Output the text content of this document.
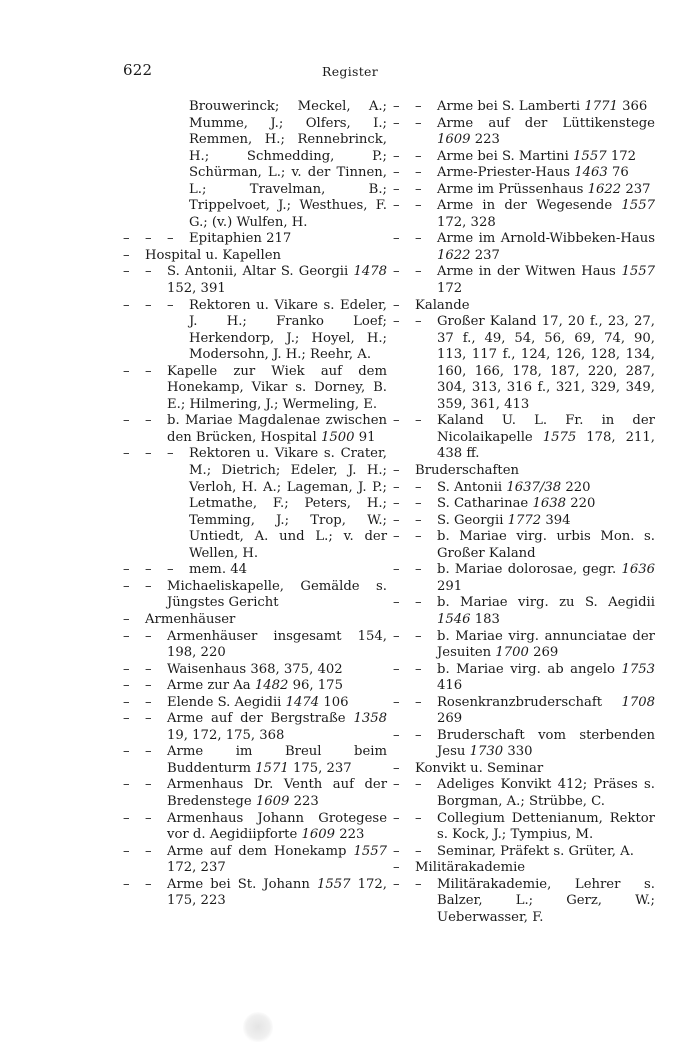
622	Register
Brouwerinck; Meckel, A.; Mumme, J.; Olfers, I.; Remmen, H.; Rennebrinck, H.; Schmedding, P.; Schürman, L.; v. der Tinnen, L.; Travelman, B.; Trippelvoet, J.; Westhues, F. G.; (v.) Wulfen, H.
– – –	Epitaphien 217
–	Hospital u. Kapellen
– –	S. Antonii, Altar S. Georgii 1478 152, 391
– – –	Rektoren u. Vikare s. Edeler, J. H.; Franko Loef; Herkendorp, J.; Hoyel, H.; Modersohn, J. H.; Reehr, A.
– –	Kapelle zur Wiek auf dem Honekamp, Vikar s. Dorney, B. E.; Hilmering, J.; Wermeling, E.
– –	b. Mariae Magdalenae zwischen den Brücken, Hospital 1500 91
– – –	Rektoren u. Vikare s. Crater, M.; Dietrich; Edeler, J. H.; Verloh, H. A.; Lageman, J. P.; Letmathe, F.; Peters, H.; Temming, J.; Trop, W.; Untiedt, A. und L.; v. der Wellen, H.
– – –	mem. 44
– –	Michaeliskapelle, Gemälde s. Jüngstes Gericht
–	Armenhäuser
– –	Armenhäuser insgesamt 154, 198, 220
– –	Waisenhaus 368, 375, 402
– –	Arme zur Aa 1482 96, 175
– –	Elende S. Aegidii 1474 106
– –	Arme auf der Bergstraße 1358 19, 172, 175, 368
– –	Arme im Breul beim Buddenturm 1571 175, 237
– –	Armenhaus Dr. Venth auf der Bredenstege 1609 223
– –	Armenhaus Johann Grotegese vor d. Aegidiipforte 1609 223
– –	Arme auf dem Honekamp 1557 172, 237
– –	Arme bei St. Johann 1557 172, 175, 223
– –	Arme bei S. Lamberti 1771 366
– –	Arme auf der Lüttikenstege 1609 223
– –	Arme bei S. Martini 1557 172
– –	Arme-Priester-Haus 1463 76
– –	Arme im Prüssenhaus 1622 237
– –	Arme in der Wegesende 1557 172, 328
– –	Arme im Arnold-Wibbeken-Haus 1622 237
– –	Arme in der Witwen Haus 1557 172
–	Kalande
– –	Großer Kaland 17, 20 f., 23, 27, 37 f., 49, 54, 56, 69, 74, 90, 113, 117 f., 124, 126, 128, 134, 160, 166, 178, 187, 220, 287, 304, 313, 316 f., 321, 329, 349, 359, 361, 413
– –	Kaland U. L. Fr. in der Nicolaikapelle 1575 178, 211, 438 ff.
–	Bruderschaften
– –	S. Antonii 1637/38 220
– –	S. Catharinae 1638 220
– –	S. Georgii 1772 394
– –	b. Mariae virg. urbis Mon. s. Großer Kaland
– –	b. Mariae dolorosae, gegr. 1636 291
– –	b. Mariae virg. zu S. Aegidii 1546 183
– –	b. Mariae virg. annunciatae der Jesuiten 1700 269
– –	b. Mariae virg. ab angelo 1753 416
– –	Rosenkranzbruderschaft 1708 269
– –	Bruderschaft vom sterbenden Jesu 1730 330
–	Konvikt u. Seminar
– –	Adeliges Konvikt 412; Präses s. Borgman, A.; Strübbe, C.
– –	Collegium Dettenianum, Rektor s. Kock, J.; Tympius, M.
– –	Seminar, Präfekt s. Grüter, A.
–	Militärakademie
– –	Militärakademie, Lehrer s. Balzer, L.; Gerz, W.; Ueberwasser, F.
